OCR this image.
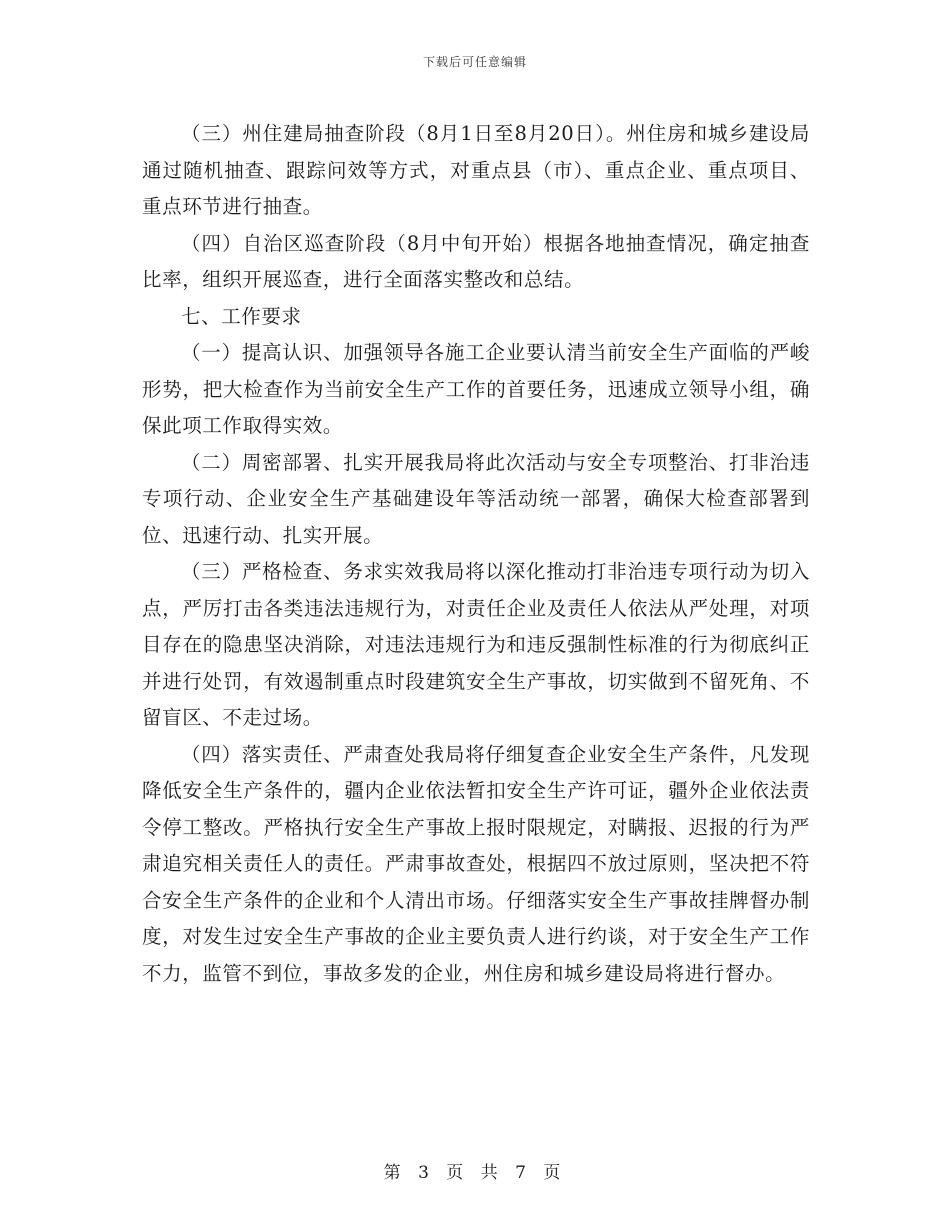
下载后可任意编辑

（三）州住建局抽查阶段（8月1日至8月20日）。州住房和城乡建设局通过随机抽查、跟踪问效等方式，对重点县（市）、重点企业、重点项目、重点环节进行抽查。

（四）自治区巡查阶段（8月中旬开始）根据各地抽查情况，确定抽查比率，组织开展巡查，进行全面落实整改和总结。

七、工作要求

（一）提高认识、加强领导各施工企业要认清当前安全生产面临的严峻形势，把大检查作为当前安全生产工作的首要任务，迅速成立领导小组，确保此项工作取得实效。

（二）周密部署、扎实开展我局将此次活动与安全专项整治、打非治违专项行动、企业安全生产基础建设年等活动统一部署，确保大检查部署到位、迅速行动、扎实开展。

（三）严格检查、务求实效我局将以深化推动打非治违专项行动为切入点，严厉打击各类违法违规行为，对责任企业及责任人依法从严处理，对项目存在的隐患坚决消除，对违法违规行为和违反强制性标准的行为彻底纠正并进行处罚，有效遏制重点时段建筑安全生产事故，切实做到不留死角、不留盲区、不走过场。

（四）落实责任、严肃查处我局将仔细复查企业安全生产条件，凡发现降低安全生产条件的，疆内企业依法暂扣安全生产许可证，疆外企业依法责令停工整改。严格执行安全生产事故上报时限规定，对瞒报、迟报的行为严肃追究相关责任人的责任。严肃事故查处，根据四不放过原则，坚决把不符合安全生产条件的企业和个人清出市场。仔细落实安全生产事故挂牌督办制度，对发生过安全生产事故的企业主要负责人进行约谈，对于安全生产工作不力，监管不到位，事故多发的企业，州住房和城乡建设局将进行督办。

第 3 页 共 7 页
